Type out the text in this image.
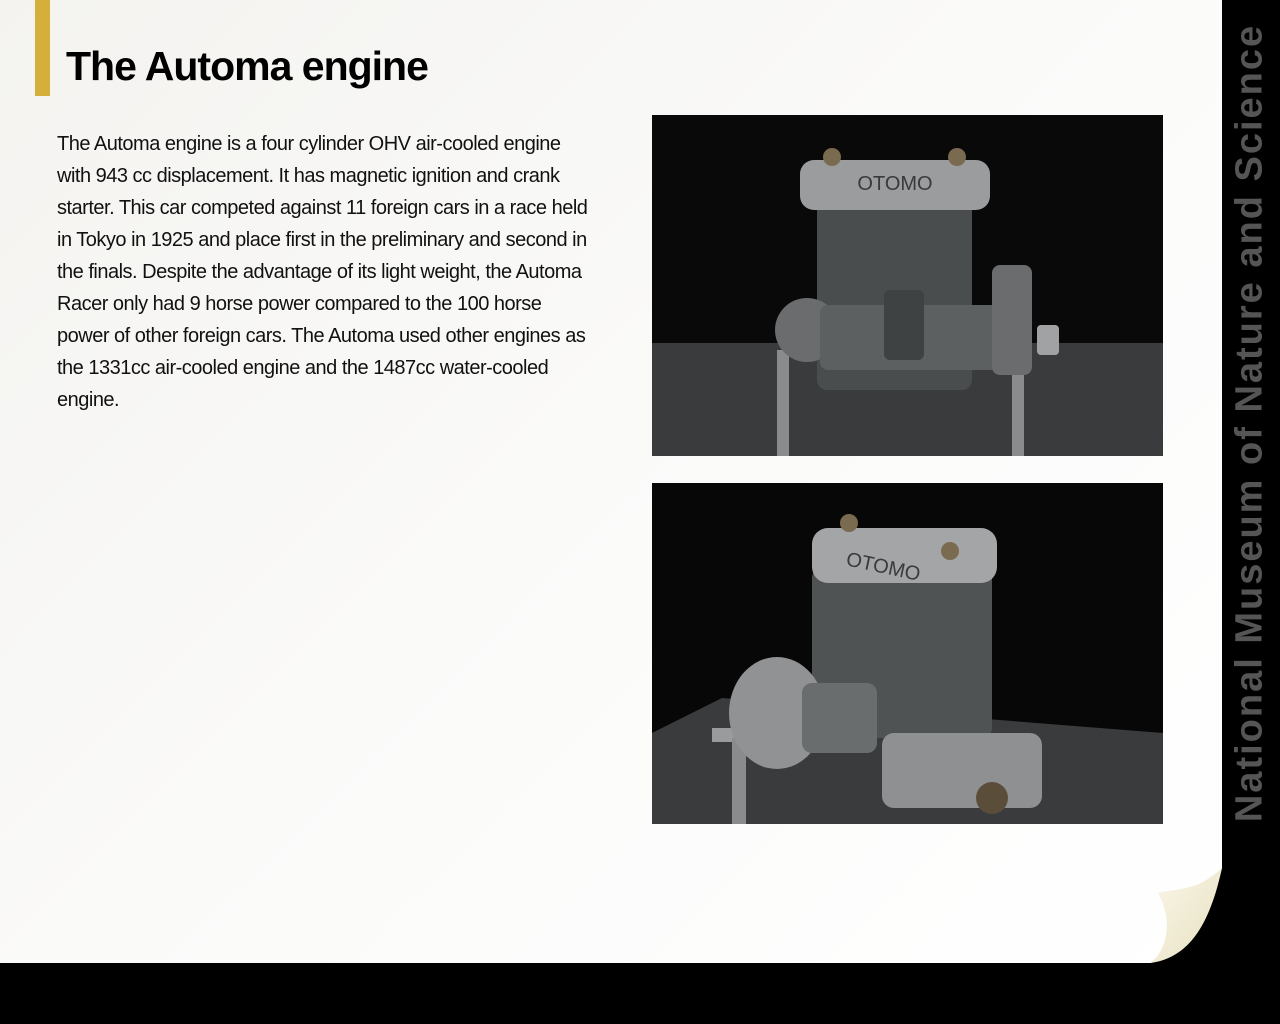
The Automa engine

The Automa engine is a four cylinder OHV air-cooled engine with 943 cc displacement. It has magnetic ignition and crank starter. This car competed against 11 foreign cars in a race held in Tokyo in 1925 and place first in the preliminary and second in the finals. Despite the advantage of its light weight, the Automa Racer only had 9 horse power compared to the 100 horse power of other foreign cars. The Automa used other engines as the 1331cc air-cooled engine and the 1487cc water-cooled engine.

OTOMO
OTOMO	National Museum of Nature and Science
